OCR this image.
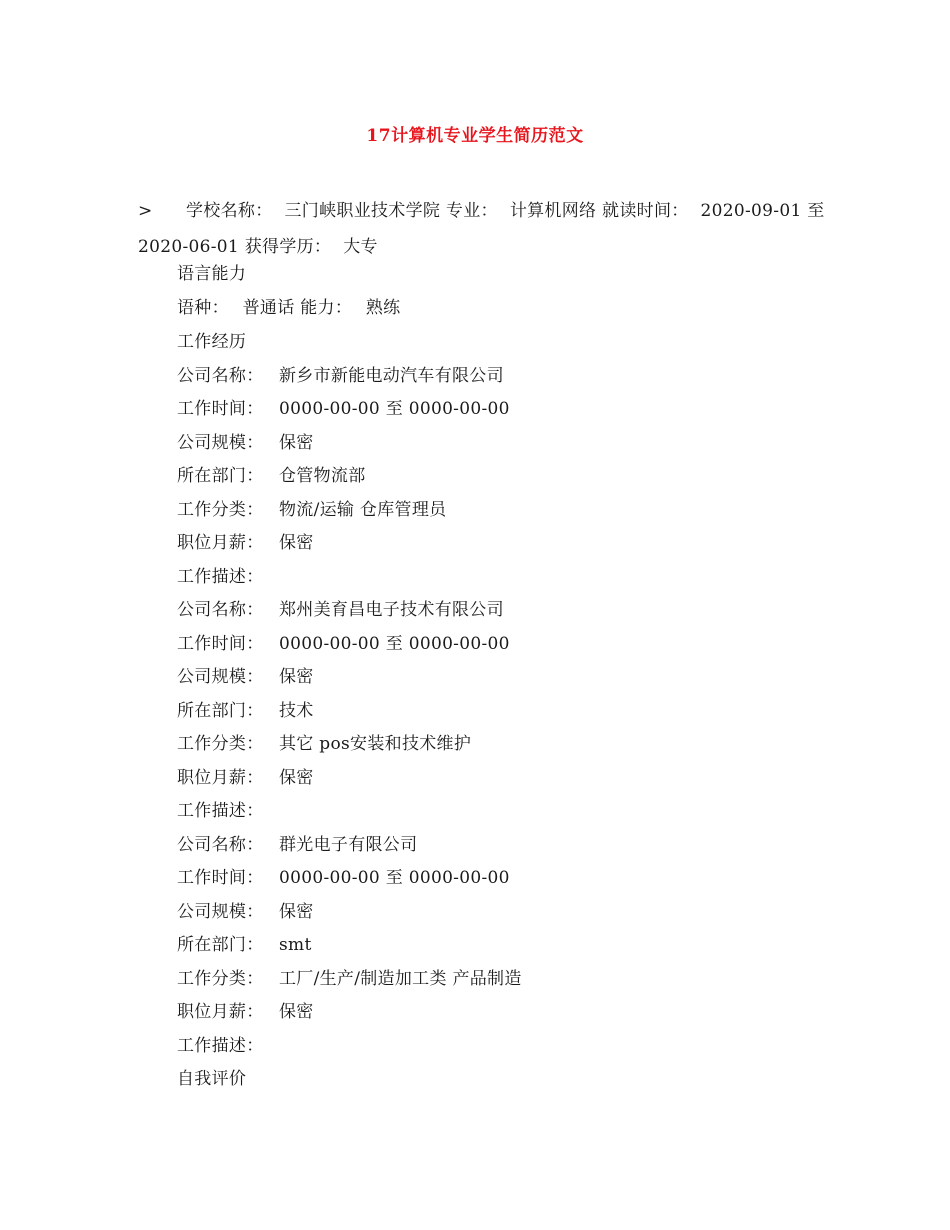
17计算机专业学生简历范文
> 学校名称： 三门峡职业技术学院 专业： 计算机网络 就读时间： 2020-09-01 至 2020-06-01 获得学历： 大专
语言能力
语种： 普通话 能力： 熟练
工作经历
公司名称： 新乡市新能电动汽车有限公司
工作时间： 0000-00-00 至 0000-00-00
公司规模： 保密
所在部门： 仓管物流部
工作分类： 物流/运输 仓库管理员
职位月薪： 保密
工作描述：
公司名称： 郑州美育昌电子技术有限公司
工作时间： 0000-00-00 至 0000-00-00
公司规模： 保密
所在部门： 技术
工作分类： 其它 pos安装和技术维护
职位月薪： 保密
工作描述：
公司名称： 群光电子有限公司
工作时间： 0000-00-00 至 0000-00-00
公司规模： 保密
所在部门： smt
工作分类： 工厂/生产/制造加工类 产品制造
职位月薪： 保密
工作描述：
自我评价
